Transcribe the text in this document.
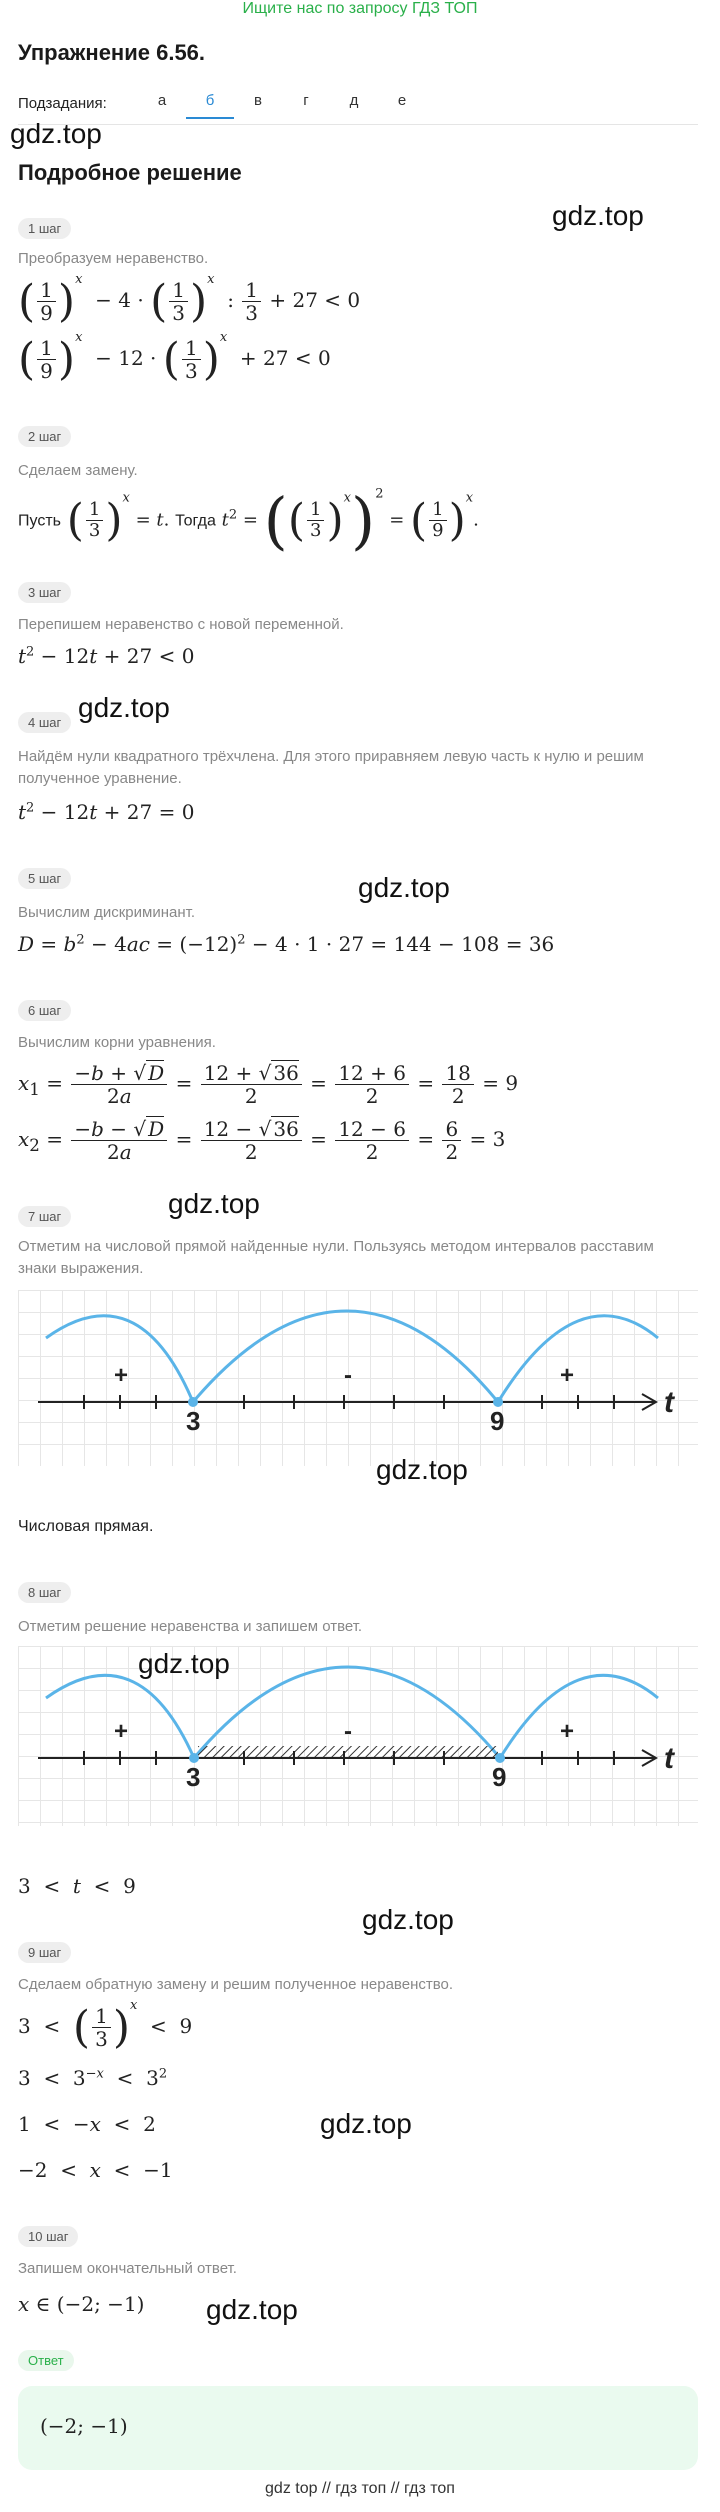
Ищите нас по запросу ГДЗ ТОП
Упражнение 6.56.
Подзадания:	а	б	в	г	д	е
gdz.top
Подробное решение
gdz.top
1 шаг
Преобразуем неравенство.
( $\frac{1}{9} )^x - 4$ · ( $\frac{1}{3} )^x$  : $\frac{1}{3} + 27 < 0$
( $\frac{1}{9} )^x - 12$ · ( $\frac{1}{3} )^x + 27 < 0$
2 шаг
Сделаем замену.
Пусть ( $\frac{1}{3} )^x = t$. Тогда $t^2$ = (( $\frac{1}{3} )^x)^2$ = ( $\frac{1}{9} )^x$.
3 шаг
Перепишем неравенство с новой переменной.
$t^2 - 12t + 27 < 0$
gdz.top
4 шаг
Найдём нули квадратного трёхчлена. Для этого приравняем левую часть к нулю и решим полученное уравнение.
$t^2 - 12t + 27 = 0$
5 шаг	gdz.top
Вычислим дискриминант.
$D = b^2 - 4ac = (-12)^2 - 4 \cdot 1 \cdot 27 = 144 - 108 = 36$
6 шаг
Вычислим корни уравнения.
$x_1 = \frac{-b + √ D}{2a} = \frac{12 + √ 36}{2} = \frac{12 + 6}{2} = \frac{18}{2} = 9$
$x_2 = \frac{-b - √ D}{2a} = \frac{12 - √ 36}{2} = \frac{12 - 6}{2} = \frac{6}{2} = 3$
gdz.top
7 шаг
Отметим на числовой прямой найденные нули. Пользуясь методом интервалов расставим знаки выражения.
3	9
t
+	-	+
gdz.top
Числовая прямая.
8 шаг
Отметим решение неравенства и запишем ответ.
3	9
t
+	-	+
gdz.top
3  <  t  <  9
gdz.top
9 шаг
Сделаем обратную замену и решим полученное неравенство.
3  <  ( $\frac{1}{3} )^x < 9$
$3 < 3^{-x} < 3^2$
1  <  −x  <  2	gdz.top
−2  <  x  <  −1
10 шаг
Запишем окончательный ответ.
x ∈ (−2; −1) gdz.top
Ответ
(−2; −1)
gdz top // гдз топ // гдз топ
